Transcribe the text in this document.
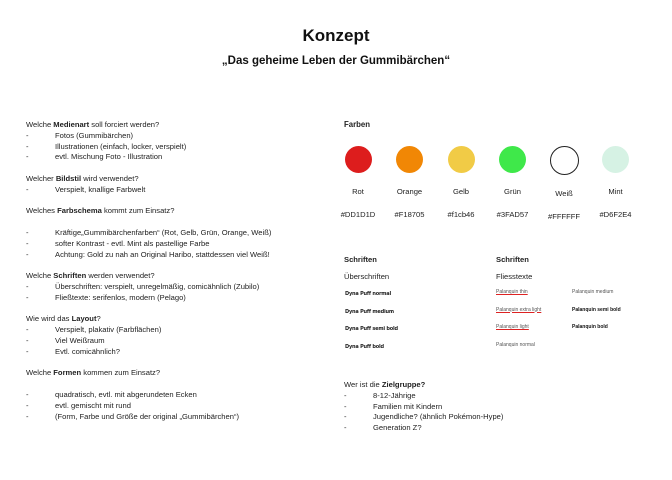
Konzept
„Das geheime Leben der Gummibärchen“

Welche Medienart soll forciert werden?

- Fotos (Gummibärchen)

- Illustrationen (einfach, locker, verspielt)

- evtl. Mischung Foto - Illustration

Welcher Bildstil wird verwendet?

- Verspielt, knallige Farbwelt

Welches Farbschema kommt zum Einsatz?

- Kräftige„Gummibärchenfarben“ (Rot, Gelb, Grün, Orange, Weiß)

- softer Kontrast - evtl. Mint als pastellige Farbe

- Achtung: Gold zu nah an Original Haribo, stattdessen viel Weiß!

Welche Schriften werden verwendet?

- Überschriften: verspielt, unregelmäßig, comicähnlich (Zubilo)

- Fließtexte: serifenlos, modern (Pelago)

Wie wird das Layout?

- Verspielt, plakativ (Farbflächen)

- Viel Weißraum

- Evtl. comicähnlich?

Welche Formen kommen zum Einsatz?

- quadratisch, evtl. mit abgerundeten Ecken

- evtl. gemischt mit rund

- (Form, Farbe und Größe der original „Gummibärchen“)

Farben
Rot
#DD1D1D
Orange
#F18705
Gelb
#f1cb46
Grün
#3FAD57
Weiß
#FFFFFF
Mint
#D6F2E4
Schriften
Überschriften
Dyna Puff normal
Dyna Puff medium
Dyna Puff semi bold
Dyna Puff bold
Schriften
Fliesstexte
Palanquin thin
Palanquin extra light
Palanquin light
Palanquin normal
Palanquin medium
Palanquin semi bold
Palanquin bold

Wer ist die Zielgruppe?

- 8-12-Jährige

- Familien mit Kindern

- Jugendliche? (ähnlich Pokémon-Hype)

- Generation Z?
